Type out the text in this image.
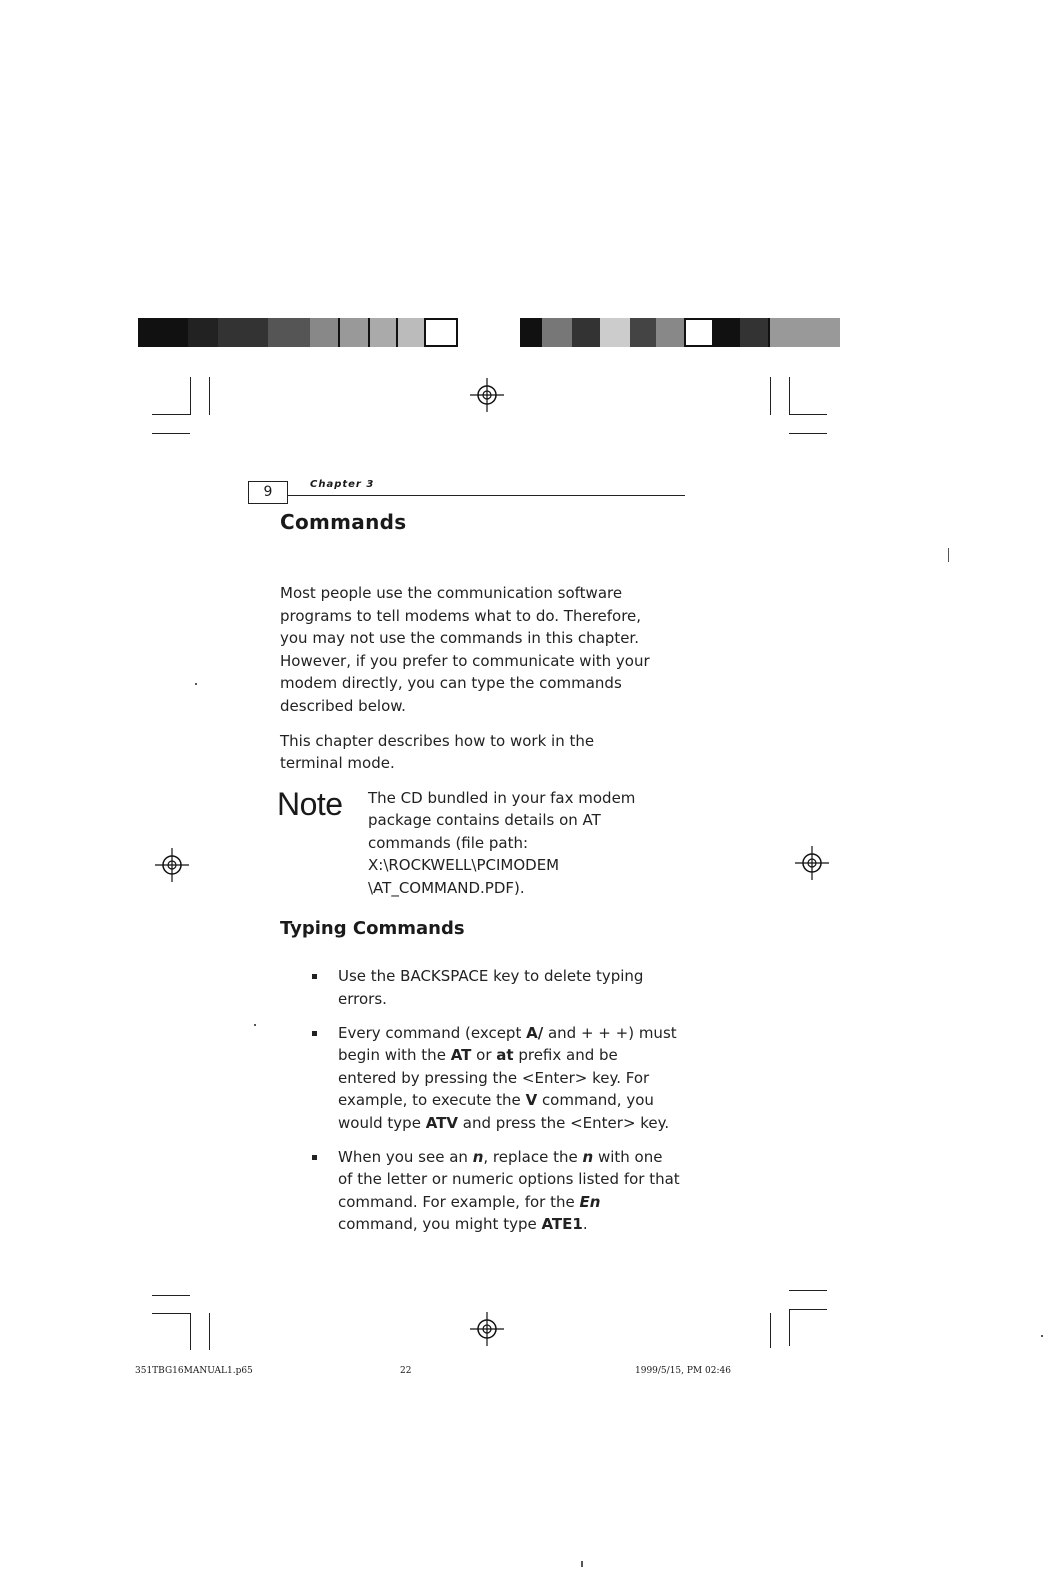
9	Chapter 3
Commands
Most people use the communication software
programs to tell modems what to do. Therefore,
you may not use the commands in this chapter.
However, if you prefer to communicate with your
modem directly, you can type the commands
described below.
This chapter describes how to work in the
terminal mode.
Note The CD bundled in your fax modem
package contains details on AT
commands (file path:
X:\ROCKWELL\PCIMODEM
\AT_COMMAND.PDF).
Typing Commands
Use the BACKSPACE key to delete typing
errors.
Every command (except A/ and + + +) must
begin with the AT or at prefix and be
entered by pressing the <Enter> key. For
example, to execute the V command, you
would type ATV and press the <Enter> key.
When you see an n, replace the n with one
of the letter or numeric options listed for that
command. For example, for the En
command, you might type ATE1.
351TBG16MANUAL1.p65	22	1999/5/15, PM 02:46
